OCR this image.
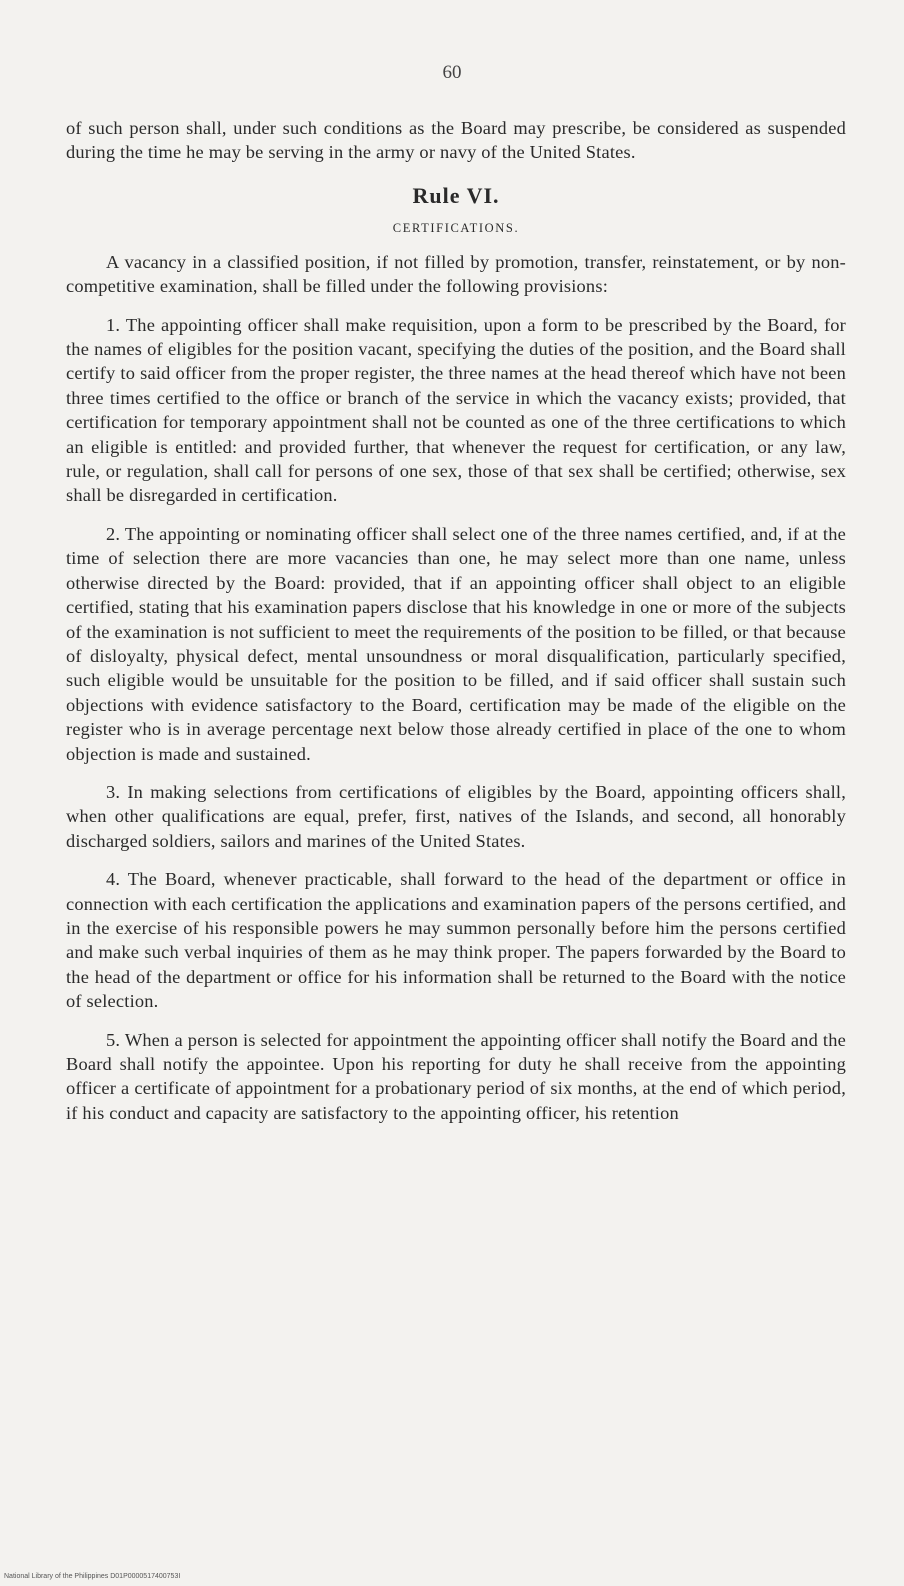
60

of such person shall, under such conditions as the Board may prescribe, be considered as suspended during the time he may be serving in the army or navy of the United States.

Rule VI.
CERTIFICATIONS.

A vacancy in a classified position, if not filled by promotion, transfer, reinstatement, or by non-competitive examination, shall be filled under the following provisions:

1. The appointing officer shall make requisition, upon a form to be prescribed by the Board, for the names of eligibles for the position vacant, specifying the duties of the position, and the Board shall certify to said officer from the proper register, the three names at the head thereof which have not been three times certified to the office or branch of the service in which the vacancy exists; provided, that certification for temporary appointment shall not be counted as one of the three certifications to which an eligible is entitled: and provided further, that whenever the request for certification, or any law, rule, or regulation, shall call for persons of one sex, those of that sex shall be certified; otherwise, sex shall be disregarded in certification.

2. The appointing or nominating officer shall select one of the three names certified, and, if at the time of selection there are more vacancies than one, he may select more than one name, unless otherwise directed by the Board: provided, that if an appointing officer shall object to an eligible certified, stating that his examination papers disclose that his knowledge in one or more of the subjects of the examination is not sufficient to meet the requirements of the position to be filled, or that because of disloyalty, physical defect, mental unsoundness or moral disqualification, particularly specified, such eligible would be unsuitable for the position to be filled, and if said officer shall sustain such objections with evidence satisfactory to the Board, certification may be made of the eligible on the register who is in average percentage next below those already certified in place of the one to whom objection is made and sustained.

3. In making selections from certifications of eligibles by the Board, appointing officers shall, when other qualifications are equal, prefer, first, natives of the Islands, and second, all honorably discharged soldiers, sailors and marines of the United States.

4. The Board, whenever practicable, shall forward to the head of the department or office in connection with each certification the applications and examination papers of the persons certified, and in the exercise of his responsible powers he may summon personally before him the persons certified and make such verbal inquiries of them as he may think proper. The papers forwarded by the Board to the head of the department or office for his information shall be returned to the Board with the notice of selection.

5. When a person is selected for appointment the appointing officer shall notify the Board and the Board shall notify the appointee. Upon his reporting for duty he shall receive from the appointing officer a certificate of appointment for a probationary period of six months, at the end of which period, if his conduct and capacity are satisfactory to the appointing officer, his retention

National Library of the Philippines D01P0000517400753I
